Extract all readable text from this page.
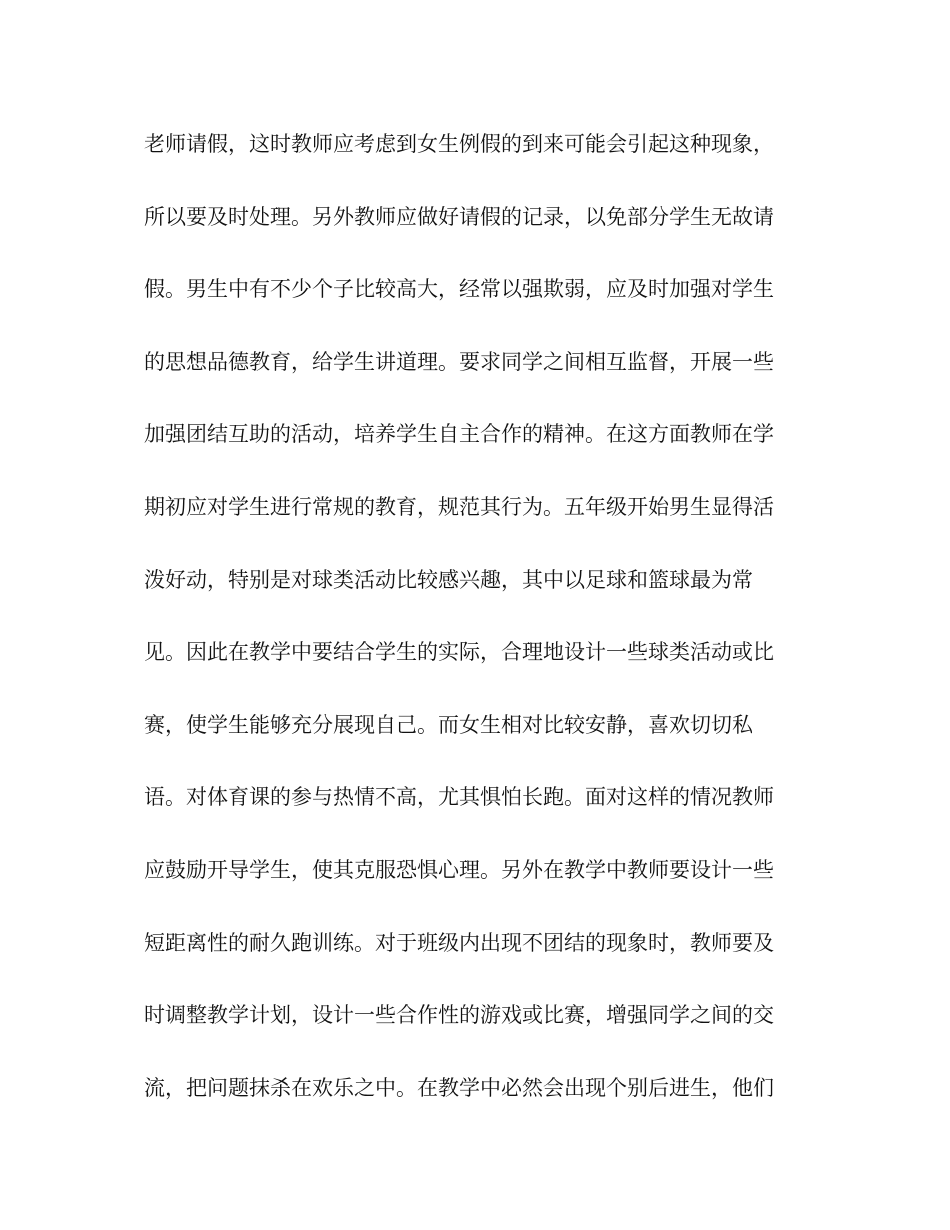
老师请假，这时教师应考虑到女生例假的到来可能会引起这种现象，
所以要及时处理。另外教师应做好请假的记录，以免部分学生无故请
假。男生中有不少个子比较高大，经常以强欺弱，应及时加强对学生
的思想品德教育，给学生讲道理。要求同学之间相互监督，开展一些
加强团结互助的活动，培养学生自主合作的精神。在这方面教师在学
期初应对学生进行常规的教育，规范其行为。五年级开始男生显得活
泼好动，特别是对球类活动比较感兴趣，其中以足球和篮球最为常
见。因此在教学中要结合学生的实际，合理地设计一些球类活动或比
赛，使学生能够充分展现自己。而女生相对比较安静，喜欢切切私
语。对体育课的参与热情不高，尤其惧怕长跑。面对这样的情况教师
应鼓励开导学生，使其克服恐惧心理。另外在教学中教师要设计一些
短距离性的耐久跑训练。对于班级内出现不团结的现象时，教师要及
时调整教学计划，设计一些合作性的游戏或比赛，增强同学之间的交
流，把问题抹杀在欢乐之中。在教学中必然会出现个别后进生，他们
